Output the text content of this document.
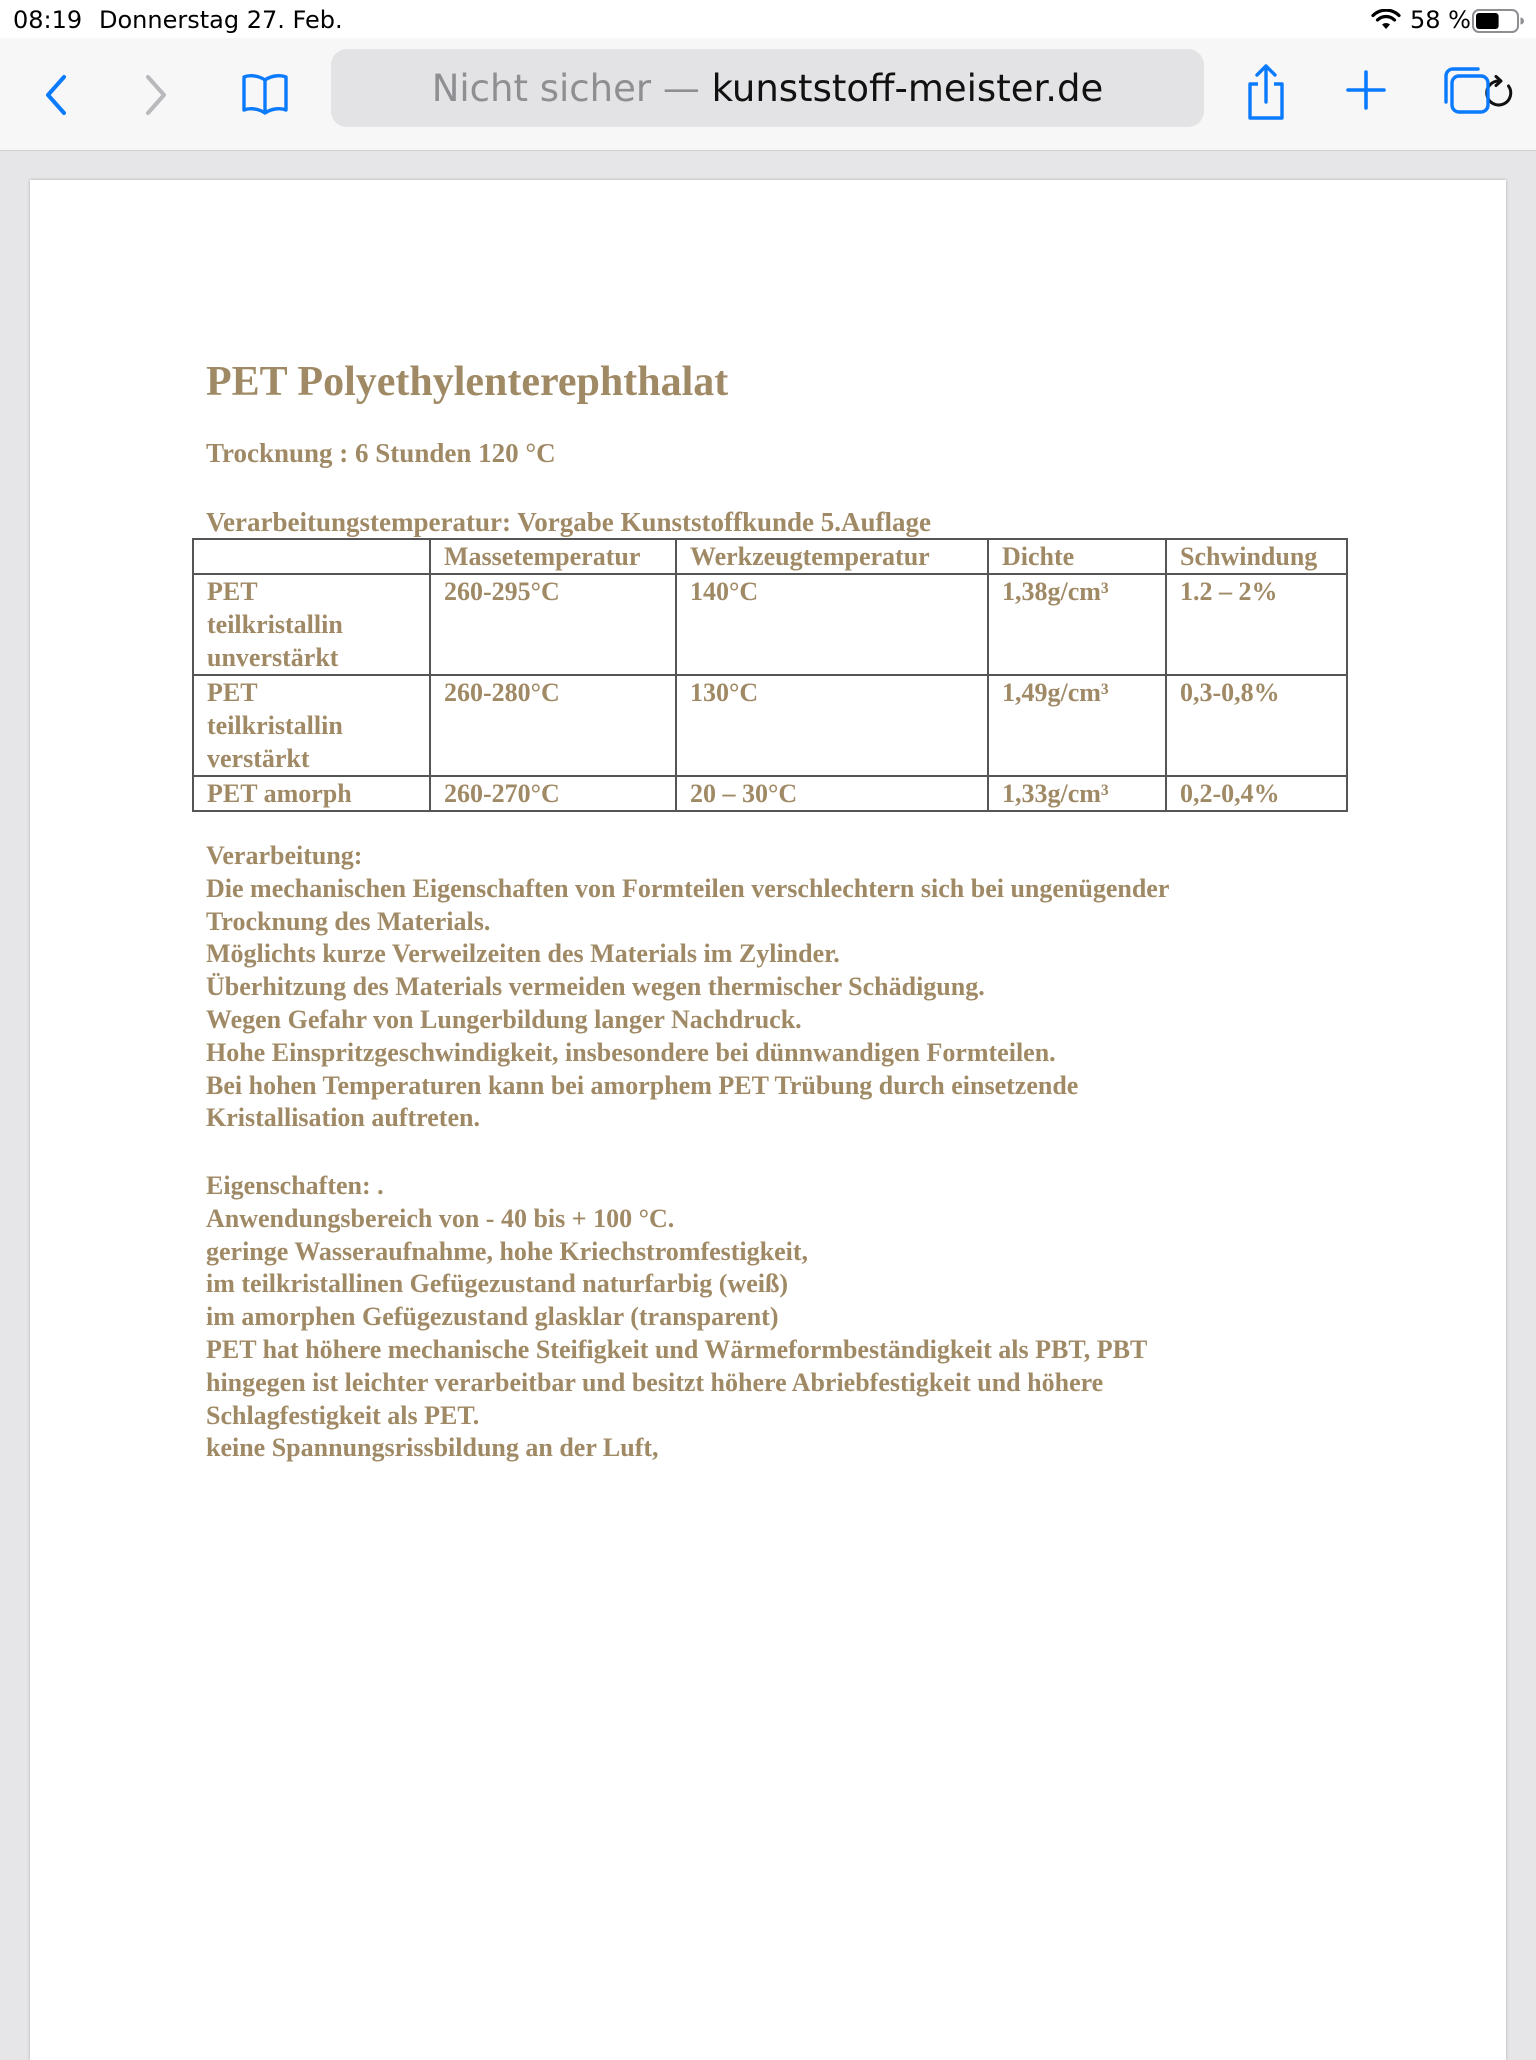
08:19 Donnerstag 27. Feb.	58 %
Nicht sicher — kunststoff-meister.de
PET Polyethylenterephthalat
Trocknung : 6 Stunden 120 °C
Verarbeitungstemperatur: Vorgabe Kunststoffkunde 5.Auflage
	Massetemperatur	Werkzeugtemperatur	Dichte	Schwindung

PET
teilkristallin
unverstärkt	260-295°C	140°C	1,38g/cm³	1.2 – 2%

PET
teilkristallin
verstärkt	260-280°C	130°C	1,49g/cm³	0,3-0,8%

PET amorph	260-270°C	20 – 30°C	1,33g/cm³	0,2-0,4%
Verarbeitung:
Die mechanischen Eigenschaften von Formteilen verschlechtern sich bei ungenügender
Trocknung des Materials.
Möglichts kurze Verweilzeiten des Materials im Zylinder.
Überhitzung des Materials vermeiden wegen thermischer Schädigung.
Wegen Gefahr von Lungerbildung langer Nachdruck.
Hohe Einspritzgeschwindigkeit, insbesondere bei dünnwandigen Formteilen.
Bei hohen Temperaturen kann bei amorphem PET Trübung durch einsetzende
Kristallisation auftreten.
Eigenschaften: .
Anwendungsbereich von - 40 bis + 100 °C.
geringe Wasseraufnahme, hohe Kriechstromfestigkeit,
im teilkristallinen Gefügezustand naturfarbig (weiß)
im amorphen Gefügezustand glasklar (transparent)
PET hat höhere mechanische Steifigkeit und Wärmeformbeständigkeit als PBT, PBT
hingegen ist leichter verarbeitbar und besitzt höhere Abriebfestigkeit und höhere
Schlagfestigkeit als PET.
keine Spannungsrissbildung an der Luft,
